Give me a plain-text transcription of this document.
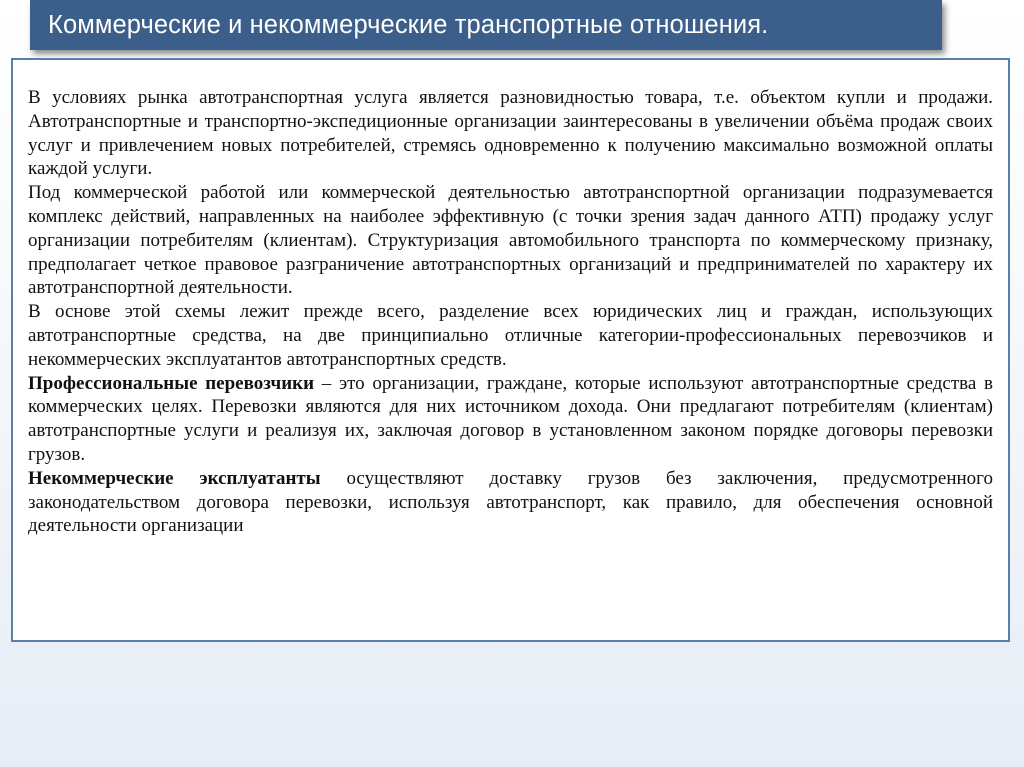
Коммерческие и некоммерческие транспортные отношения.

В условиях рынка автотранспортная услуга является разновидностью товара, т.е. объектом купли и продажи. Автотранспортные и транспортно-экспедиционные организации заинтересованы в увеличении объёма продаж своих услуг и привлечением новых потребителей, стремясь одновременно к получению максимально возможной оплаты каждой услуги.

Под коммерческой работой или коммерческой деятельностью автотранспортной организации подразумевается комплекс действий, направленных на наиболее эффективную (с точки зрения задач данного АТП) продажу услуг организации потребителям (клиентам). Структуризация автомобильного транспорта по коммерческому признаку, предполагает четкое правовое разграничение автотранспортных организаций и предпринимателей по характеру их автотранспортной деятельности.

В основе этой схемы лежит прежде всего, разделение всех юридических лиц и граждан, использующих автотранспортные средства, на две принципиально отличные категории-профессиональных перевозчиков и некоммерческих эксплуатантов автотранспортных средств.

Профессиональные перевозчики – это организации, граждане, которые используют автотранспортные средства в коммерческих целях. Перевозки являются для них источником дохода. Они предлагают потребителям (клиентам) автотранспортные услуги и реализуя их, заключая договор в установленном законом порядке договоры перевозки грузов.

Некоммерческие эксплуатанты осуществляют доставку грузов без заключения, предусмотренного законодательством договора перевозки, используя автотранспорт, как правило, для обеспечения основной деятельности организации
